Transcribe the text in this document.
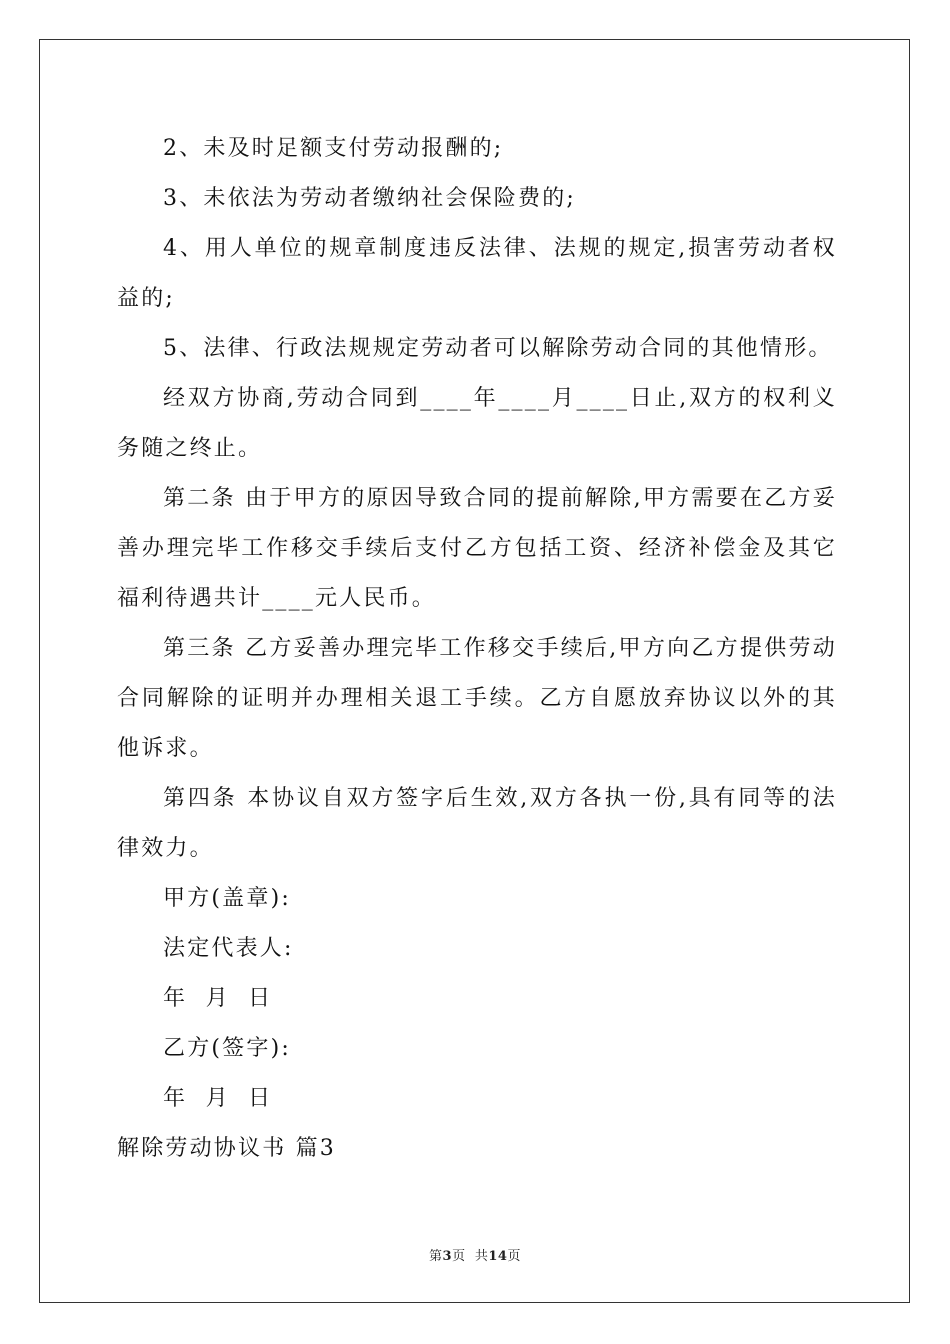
2、未及时足额支付劳动报酬的;

3、未依法为劳动者缴纳社会保险费的;

4、用人单位的规章制度违反法律、法规的规定,损害劳动者权益的;

5、法律、行政法规规定劳动者可以解除劳动合同的其他情形。

经双方协商,劳动合同到____年____月____日止,双方的权利义务随之终止。

第二条 由于甲方的原因导致合同的提前解除,甲方需要在乙方妥善办理完毕工作移交手续后支付乙方包括工资、经济补偿金及其它福利待遇共计____元人民币。

第三条 乙方妥善办理完毕工作移交手续后,甲方向乙方提供劳动合同解除的证明并办理相关退工手续。乙方自愿放弃协议以外的其他诉求。

第四条 本协议自双方签字后生效,双方各执一份,具有同等的法律效力。

甲方(盖章):

法定代表人:

年  月  日

乙方(签字):

年  月  日

解除劳动协议书 篇3

第3页  共14页
